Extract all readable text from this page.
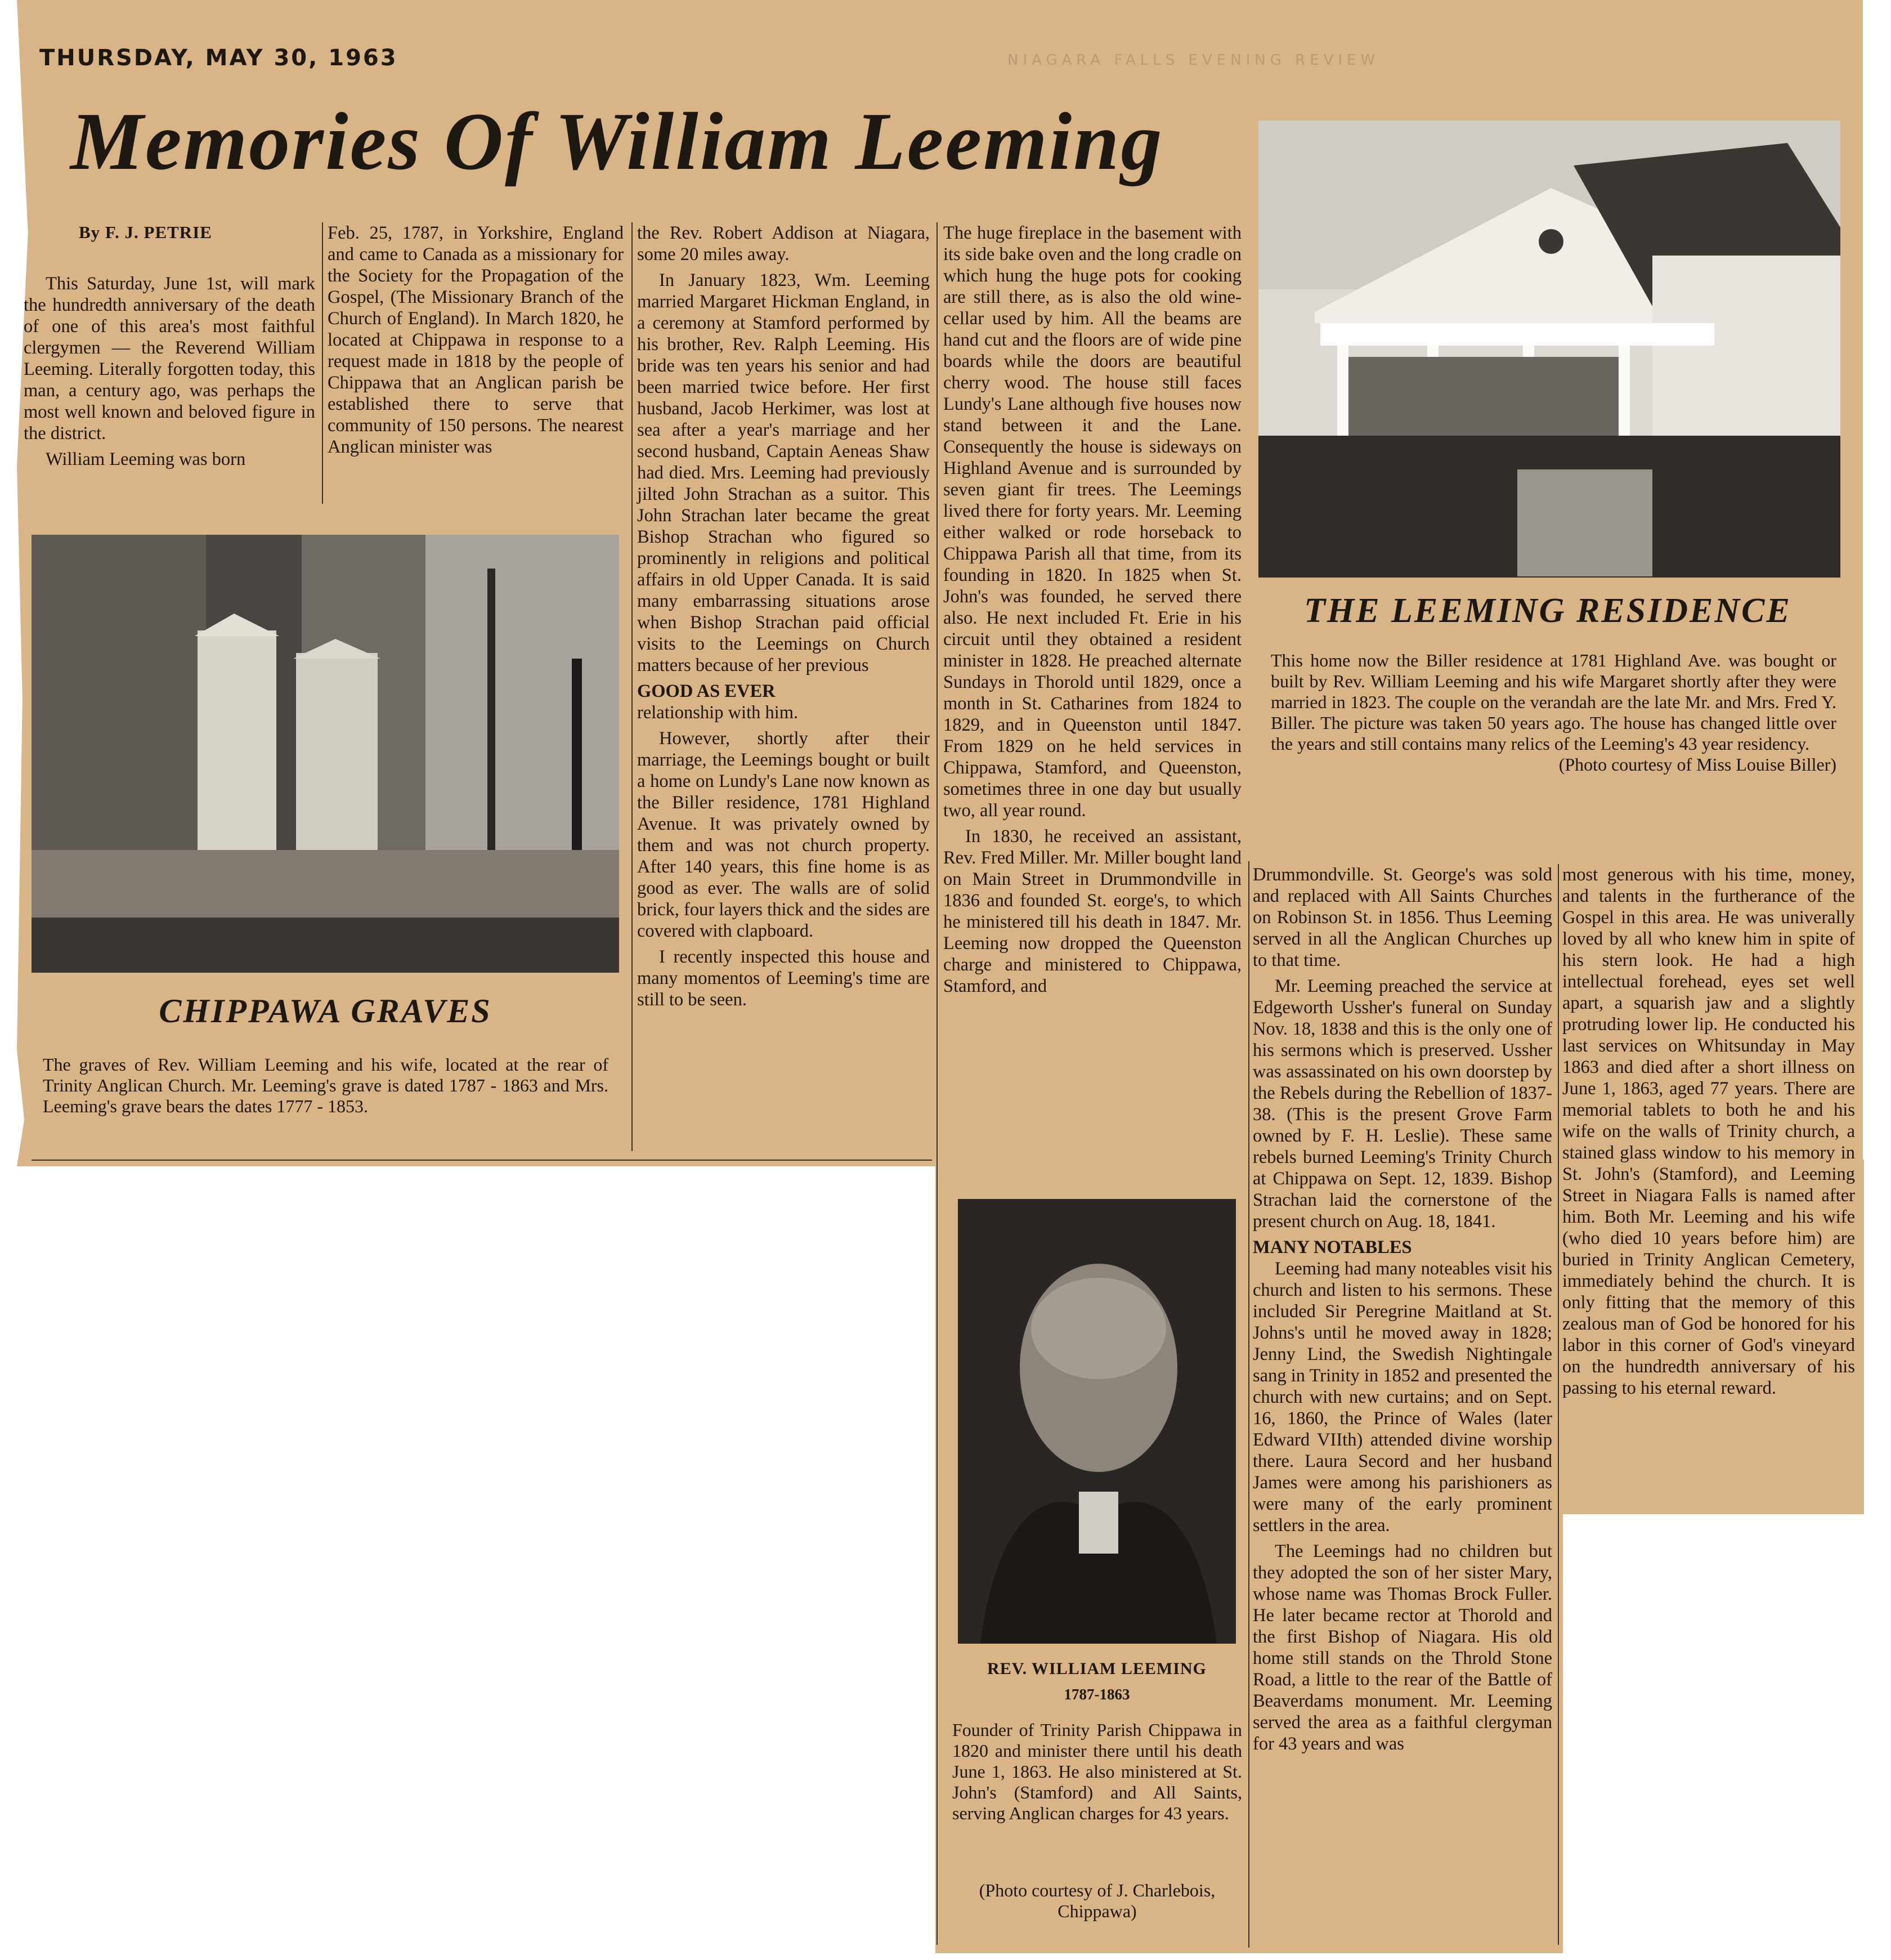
THURSDAY, MAY 30, 1963	NIAGARA FALLS EVENING REVIEW
Memories Of William Leeming
By F. J. PETRIE

This Saturday, June 1st, will mark the hundredth anniversary of the death of one of this area's most faithful clergymen — the Reverend William Leeming. Literally forgotten today, this man, a century ago, was perhaps the most well known and beloved figure in the district.

William Leeming was born

Feb. 25, 1787, in Yorkshire, England and came to Canada as a missionary for the Society for the Propagation of the Gospel, (The Missionary Branch of the Church of England). In March 1820, he located at Chippawa in response to a request made in 1818 by the people of Chippawa that an Anglican parish be established there to serve that community of 150 persons. The nearest Anglican minister was

CHIPPAWA GRAVES
The graves of Rev. William Leeming and his wife, located at the rear of Trinity Anglican Church. Mr. Leeming's grave is dated 1787 - 1863 and Mrs. Leeming's grave bears the dates 1777 - 1853.

the Rev. Robert Addison at Niagara, some 20 miles away.

In January 1823, Wm. Leeming married Margaret Hickman England, in a ceremony at Stamford performed by his brother, Rev. Ralph Leeming. His bride was ten years his senior and had been married twice before. Her first husband, Jacob Herkimer, was lost at sea after a year's marriage and her second husband, Captain Aeneas Shaw had died. Mrs. Leeming had previously jilted John Strachan as a suitor. This John Strachan later became the great Bishop Strachan who figured so prominently in religions and political affairs in old Upper Canada. It is said many embarrassing situations arose when Bishop Strachan paid official visits to the Leemings on Church matters because of her previous

GOOD AS EVER

relationship with him.

However, shortly after their marriage, the Leemings bought or built a home on Lundy's Lane now known as the Biller residence, 1781 Highland Avenue. It was privately owned by them and was not church property. After 140 years, this fine home is as good as ever. The walls are of solid brick, four layers thick and the sides are covered with clapboard.

I recently inspected this house and many momentos of Leeming's time are still to be seen.

The huge fireplace in the basement with its side bake oven and the long cradle on which hung the huge pots for cooking are still there, as is also the old wine-cellar used by him. All the beams are hand cut and the floors are of wide pine boards while the doors are beautiful cherry wood. The house still faces Lundy's Lane although five houses now stand between it and the Lane. Consequently the house is sideways on Highland Avenue and is surrounded by seven giant fir trees. The Leemings lived there for forty years. Mr. Leeming either walked or rode horseback to Chippawa Parish all that time, from its founding in 1820. In 1825 when St. John's was founded, he served there also. He next included Ft. Erie in his circuit until they obtained a resident minister in 1828. He preached alternate Sundays in Thorold until 1829, once a month in St. Catharines from 1824 to 1829, and in Queenston until 1847. From 1829 on he held services in Chippawa, Stamford, and Queenston, sometimes three in one day but usually two, all year round.

In 1830, he received an assistant, Rev. Fred Miller. Mr. Miller bought land on Main Street in Drummondville in 1836 and founded St. eorge's, to which he ministered till his death in 1847. Mr. Leeming now dropped the Queenston charge and ministered to Chippawa, Stamford, and

THE LEEMING RESIDENCE
This home now the Biller residence at 1781 Highland Ave. was bought or built by Rev. William Leeming and his wife Margaret shortly after they were married in 1823. The couple on the verandah are the late Mr. and Mrs. Fred Y. Biller. The picture was taken 50 years ago. The house has changed little over the years and still contains many relics of the Leeming's 43 year residency.
(Photo courtesy of Miss Louise Biller)
REV. WILLIAM LEEMING
1787-1863
Founder of Trinity Parish Chippawa in 1820 and minister there until his death June 1, 1863. He also ministered at St. John's (Stamford) and All Saints, serving Anglican charges for 43 years.
(Photo courtesy of J. Charlebois, Chippawa)

Drummondville. St. George's was sold and replaced with All Saints Churches on Robinson St. in 1856. Thus Leeming served in all the Anglican Churches up to that time.

Mr. Leeming preached the service at Edgeworth Ussher's funeral on Sunday Nov. 18, 1838 and this is the only one of his sermons which is preserved. Ussher was assassinated on his own doorstep by the Rebels during the Rebellion of 1837-38. (This is the present Grove Farm owned by F. H. Leslie). These same rebels burned Leeming's Trinity Church at Chippawa on Sept. 12, 1839. Bishop Strachan laid the cornerstone of the present church on Aug. 18, 1841.

MANY NOTABLES

Leeming had many noteables visit his church and listen to his sermons. These included Sir Peregrine Maitland at St. Johns's until he moved away in 1828; Jenny Lind, the Swedish Nightingale sang in Trinity in 1852 and presented the church with new curtains; and on Sept. 16, 1860, the Prince of Wales (later Edward VIIth) attended divine worship there. Laura Secord and her husband James were among his parishioners as were many of the early prominent settlers in the area.

The Leemings had no children but they adopted the son of her sister Mary, whose name was Thomas Brock Fuller. He later became rector at Thorold and the first Bishop of Niagara. His old home still stands on the Throld Stone Road, a little to the rear of the Battle of Beaverdams monument. Mr. Leeming served the area as a faithful clergyman for 43 years and was

most generous with his time, money, and talents in the furtherance of the Gospel in this area. He was univerally loved by all who knew him in spite of his stern look. He had a high intellectual forehead, eyes set well apart, a squarish jaw and a slightly protruding lower lip. He conducted his last services on Whitsunday in May 1863 and died after a short illness on June 1, 1863, aged 77 years. There are memorial tablets to both he and his wife on the walls of Trinity church, a stained glass window to his memory in St. John's (Stamford), and Leeming Street in Niagara Falls is named after him. Both Mr. Leeming and his wife (who died 10 years before him) are buried in Trinity Anglican Cemetery, immediately behind the church. It is only fitting that the memory of this zealous man of God be honored for his labor in this corner of God's vineyard on the hundredth anniversary of his passing to his eternal reward.
